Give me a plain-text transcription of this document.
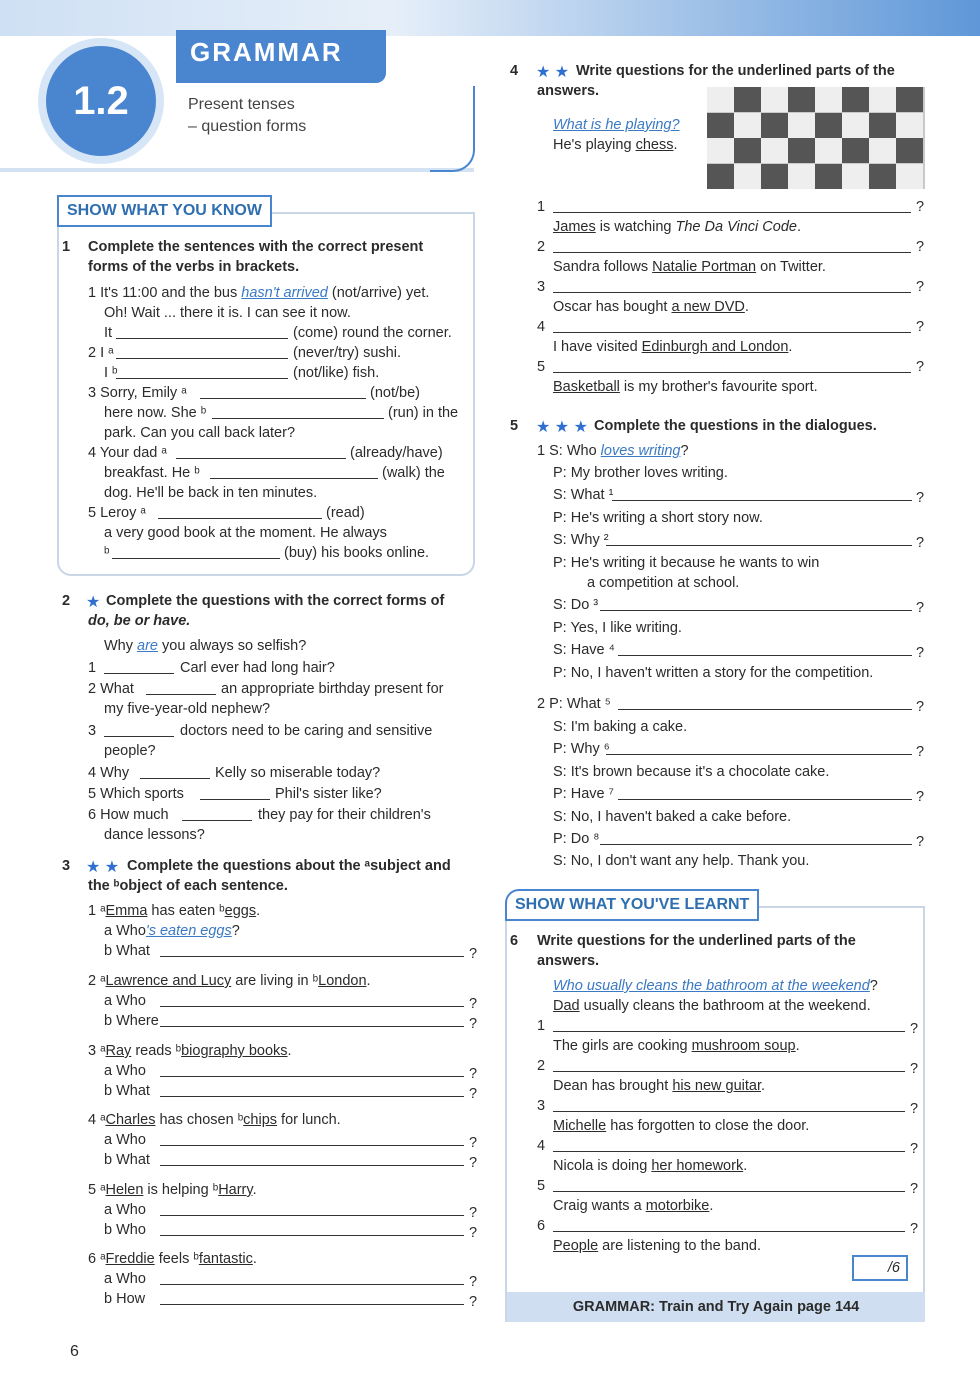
1.2
GRAMMAR
Present tenses
– question forms
SHOW WHAT YOU KNOW
1 Complete the sentences with the correct present
forms of the verbs in brackets.
1 It's 11:00 and the bus hasn't arrived (not/arrive) yet.
Oh! Wait ... there it is. I can see it now.
It	(come) round the corner.
2 I ᵃ	(never/try) sushi.
I ᵇ	(not/like) fish.
3 Sorry, Emily ᵃ	(not/be)
here now. She ᵇ	(run) in the
park. Can you call back later?
4 Your dad ᵃ	(already/have)
breakfast. He ᵇ	(walk) the
dog. He'll be back in ten minutes.
5 Leroy ᵃ	(read)
a very good book at the moment. He always
ᵇ	(buy) his books online.
2 ★ Complete the questions with the correct forms of
do, be or have.
Why are you always so selfish?
1	Carl ever had long hair?
2 What	an appropriate birthday present for
my five-year-old nephew?
3	doctors need to be caring and sensitive
people?
4 Why	Kelly so miserable today?
5 Which sports	Phil's sister like?
6 How much	they pay for their children's
dance lessons?
3 ★ ★ Complete the questions about the ᵃsubject and
the ᵇobject of each sentence.
1 ᵃEmma has eaten ᵇeggs.
a Who's eaten eggs?
b What	?
2 ᵃLawrence and Lucy are living in ᵇLondon.
a Who	?
b Where	?
3 ᵃRay reads ᵇbiography books.
a Who	?
b What	?
4 ᵃCharles has chosen ᵇchips for lunch.
a Who	?
b What	?
5 ᵃHelen is helping ᵇHarry.
a Who	?
b Who	?
6 ᵃFreddie feels ᵇfantastic.
a Who	?
b How	?
4 ★ ★ Write questions for the underlined parts of the
answers.
What is he playing?
He's playing chess.
1	?
James is watching The Da Vinci Code.
2	?
Sandra follows Natalie Portman on Twitter.
3	?
Oscar has bought a new DVD.
4	?
I have visited Edinburgh and London.
5	?
Basketball is my brother's favourite sport.
5 ★ ★ ★ Complete the questions in the dialogues.
1 S: Who loves writing?
P: My brother loves writing.
S: What ¹	?
P: He's writing a short story now.
S: Why ²	?
P: He's writing it because he wants to win
a competition at school.
S: Do ³	?
P: Yes, I like writing.
S: Have ⁴	?
P: No, I haven't written a story for the competition.
2 P: What ⁵	?
S: I'm baking a cake.
P: Why ⁶	?
S: It's brown because it's a chocolate cake.
P: Have ⁷	?
S: No, I haven't baked a cake before.
P: Do ⁸	?
S: No, I don't want any help. Thank you.
SHOW WHAT YOU'VE LEARNT
6 Write questions for the underlined parts of the
answers.
Who usually cleans the bathroom at the weekend?
Dad usually cleans the bathroom at the weekend.
1	?
The girls are cooking mushroom soup.
2	?
Dean has brought his new guitar.
3	?
Michelle has forgotten to close the door.
4	?
Nicola is doing her homework.
5	?
Craig wants a motorbike.
6	?
People are listening to the band.
/6
GRAMMAR: Train and Try Again page 144
6
